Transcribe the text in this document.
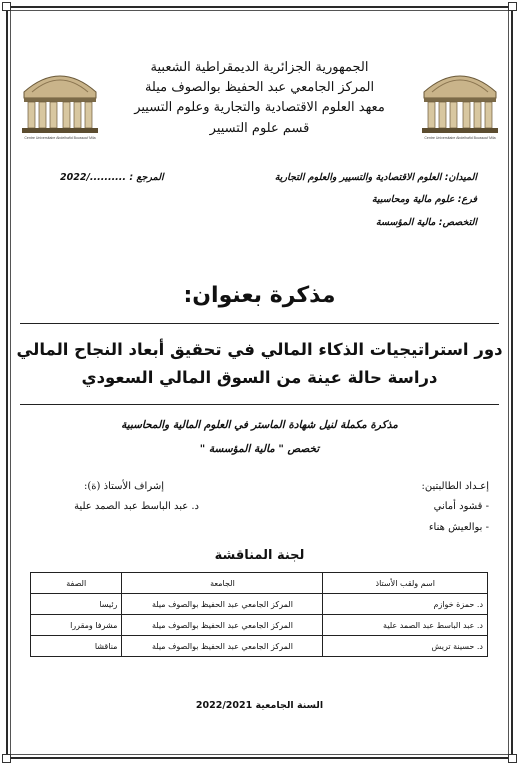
Centre Universitaire Abdelhafid Boussouf Mila	Centre Universitaire Abdelhafid Boussouf Mila
الجمهورية الجزائرية الديمقراطية الشعبية
المركز الجامعي عبد الحفيظ بوالصوف ميلة
معهد العلوم الاقتصادية والتجارية وعلوم التسيير
قسم علوم التسيير
المرجع : ........../2022	الميدان: العلوم الاقتصادية والتسيير والعلوم التجارية
فرع: علوم مالية ومحاسبية
التخصص: مالية المؤسسة
مذكرة بعنوان:
دور استراتيجيات الذكاء المالي في تحقيق أبعاد النجاح المالي
دراسة حالة عينة من السوق المالي السعودي
مذكرة مكملة لنيل شهادة الماستر في العلوم المالية والمحاسبية
تخصص " مالية المؤسسة "
إعـداد الطالبتين:
- قشود أماني
- بوالعيش هناء
إشراف الأستاذ (ة):
د. عبد الباسط عبد الصمد علية
لجنة المناقشة
اسم ولقب الأستاذ	الجامعة	الصفة
د. حمزة خوازم	المركز الجامعي عبد الحفيظ بوالصوف ميلة	رئيسا
د. عبد الباسط عبد الصمد علية	المركز الجامعي عبد الحفيظ بوالصوف ميلة	مشرفا ومقررا
د. حسينة تريش	المركز الجامعي عبد الحفيظ بوالصوف ميلة	مناقشا
السنة الجامعية 2022/2021
